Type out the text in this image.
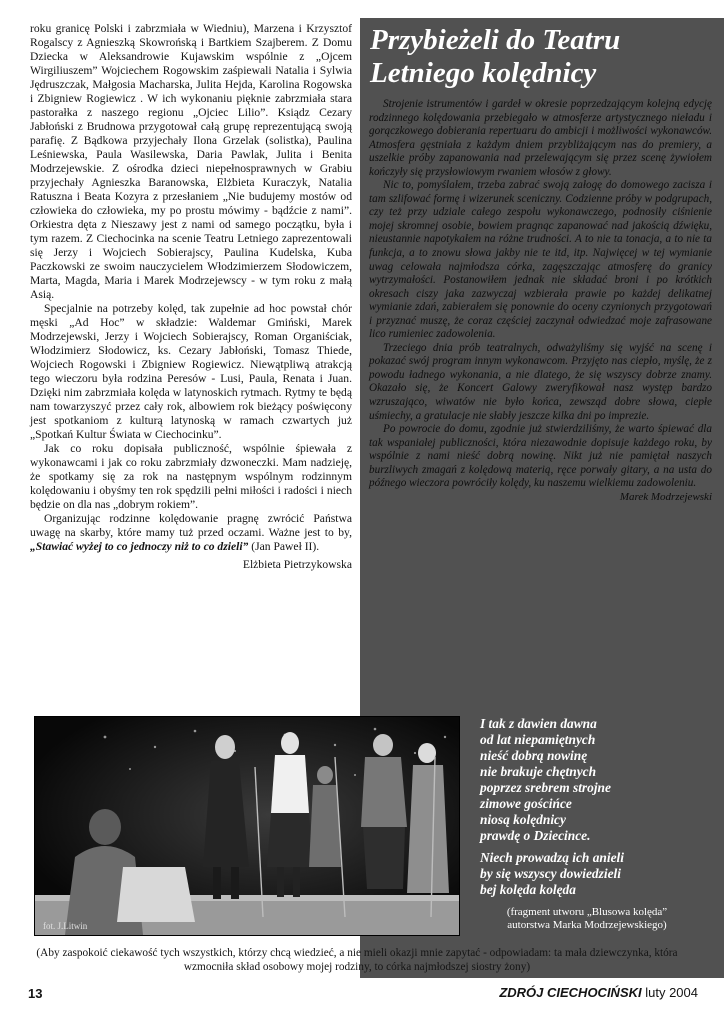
roku granicę Polski i zabrzmiała w Wiedniu), Marzena i Krzysztof Rogalscy z Agnieszką Skowrońską i Bartkiem Szajberem. Z Domu Dziecka w Aleksandrowie Kujawskim wspólnie z „Ojcem Wirgiliuszem” Wojciechem Rogowskim zaśpiewali Natalia i Sylwia Jędruszczak, Małgosia Macharska, Julita Hejda, Karolina Rogowska i Zbigniew Rogiewicz . W ich wykonaniu pięknie zabrzmiała stara pastorałka z naszego regionu „Ojciec Lilio”. Ksiądz Cezary Jabłoński z Brudnowa przygotował całą grupę reprezentującą swoją parafię. Z Bądkowa przyjechały Ilona Grzelak (solistka), Paulina Leśniewska, Paula Wasilewska, Daria Pawlak, Julita i Benita Modrzejewskie. Z ośrodka dzieci niepełnosprawnych w Grabiu przyjechały Agnieszka Baranowska, Elżbieta Kuraczyk, Natalia Ratuszna i Beata Kozyra z przesłaniem „Nie budujemy mostów od człowieka do człowieka, my po prostu mówimy - bądźcie z nami”. Orkiestra dęta z Nieszawy jest z nami od samego początku, była i tym razem. Z Ciechocinka na scenie Teatru Letniego zaprezentowali się Jerzy i Wojciech Sobierajscy, Paulina Kudelska, Kuba Paczkowski ze swoim nauczycielem Włodzimierzem Słodowiczem, Marta, Magda, Maria i Marek Modrzejewscy - w tym roku z małą Asią.

Specjalnie na potrzeby kolęd, tak zupełnie ad hoc powstał chór męski „Ad Hoc” w składzie: Waldemar Gmiński, Marek Modrzejewski, Jerzy i Wojciech Sobierajscy, Roman Organiściak, Włodzimierz Słodowicz, ks. Cezary Jabłoński, Tomasz Thiede, Wojciech Rogowski i Zbigniew Rogiewicz. Niewątpliwą atrakcją tego wieczoru była rodzina Peresów - Lusi, Paula, Renata i Juan. Dzięki nim zabrzmiała kolęda w latynoskich rytmach. Rytmy te będą nam towarzyszyć przez cały rok, albowiem rok bieżący poświęcony jest spotkaniom z kulturą latynoską w ramach czwartych już „Spotkań Kultur Świata w Ciechocinku”.

Jak co roku dopisała publiczność, wspólnie śpiewała z wykonawcami i jak co roku zabrzmiały dzwoneczki. Mam nadzieję, że spotkamy się za rok na następnym wspólnym rodzinnym kolędowaniu i obyśmy ten rok spędzili pełni miłości i radości i niech będzie on dla nas „dobrym rokiem”.

Organizując rodzinne kolędowanie pragnę zwrócić Państwa uwagę na skarby, które mamy tuż przed oczami. Ważne jest to by, „Stawiać wyżej to co jednoczy niż to co dzieli” (Jan Paweł II).

Elżbieta Pietrzykowska

Przybieżeli do Teatru Letniego kolędnicy

Strojenie istrumentów i gardeł w okresie poprzedzającym kolejną edycję rodzinnego kolędowania przebiegało w atmosferze artystycznego nieładu i gorączkowego dobierania repertuaru do ambicji i możliwości wykonawców. Atmosfera gęstniała z każdym dniem przybliżającym nas do premiery, a uszelkie próby zapanowania nad przelewającym się przez scenę żywiołem kończyły się przysłowiowym rwaniem włosów z głowy.

Nic to, pomyślałem, trzeba zabrać swoją załogę do domowego zacisza i tam szlifować formę i wizerunek sceniczny. Codzienne próby w podgrupach, czy też przy udziale całego zespołu wykonawczego, podnosiły ciśnienie mojej skromnej osobie, bowiem pragnąc zapanować nad jakością dźwięku, nieustannie napotykałem na różne trudności. A to nie ta tonacja, a to nie ta funkcja, a to znowu słowa jakby nie te itd, itp. Najwięcej w tej wymianie uwag celowała najmłodsza córka, zagęszczając atmosferę do granicy wytrzymałości. Postanowiłem jednak nie składać broni i po krótkich okresach ciszy jaka zazwyczaj wzbierała prawie po każdej delikatnej wymianie zdań, zabierałem się ponownie do oceny czynionych przygotowań i przyznać muszę, że coraz częściej zaczynał odwiedzać moje zafrasowane lico rumieniec zadowolenia.

Trzeciego dnia prób teatralnych, odważyliśmy się wyjść na scenę i pokazać swój program innym wykonawcom. Przyjęto nas ciepło, myślę, że z powodu ładnego wykonania, a nie dlatego, że się wszyscy dobrze znamy. Okazało się, że Koncert Galowy zweryfikował nasz występ bardzo wzruszająco, wiwatów nie było końca, zewsząd dobre słowa, ciepłe uśmiechy, a gratulacje nie słabły jeszcze kilka dni po imprezie.

Po powrocie do domu, zgodnie już stwierdziliśmy, że warto śpiewać dla tak wspaniałej publiczności, która niezawodnie dopisuje każdego roku, by wspólnie z nami nieść dobrą nowinę. Nikt już nie pamiętał naszych burzliwych zmagań z kolędową materią, ręce porwały gitary, a na usta do późnego wieczora powróciły kolędy, ku naszemu wielkiemu zadowoleniu.

Marek Modrzejewski

fot. J.Litwin
I tak z dawien dawna
od lat niepamiętnych
nieść dobrą nowinę
nie brakuje chętnych
poprzez srebrem strojne
zimowe gościńce
niosą kolędnicy
prawdę o Dziecince.
Niech prowadzą ich anieli
by się wszyscy dowiedzieli
bej kolęda kolęda
(fragment utworu „Blusowa kolęda”
autorstwa Marka Modrzejewskiego)
(Aby zaspokoić ciekawość tych wszystkich, którzy chcą wiedzieć, a nie mieli okazji mnie zapytać - odpowiadam: ta mała dziewczynka, która wzmocniła skład osobowy mojej rodziny, to córka najmłodszej siostry żony)
13	ZDRÓJ CIECHOCIŃSKI luty 2004
